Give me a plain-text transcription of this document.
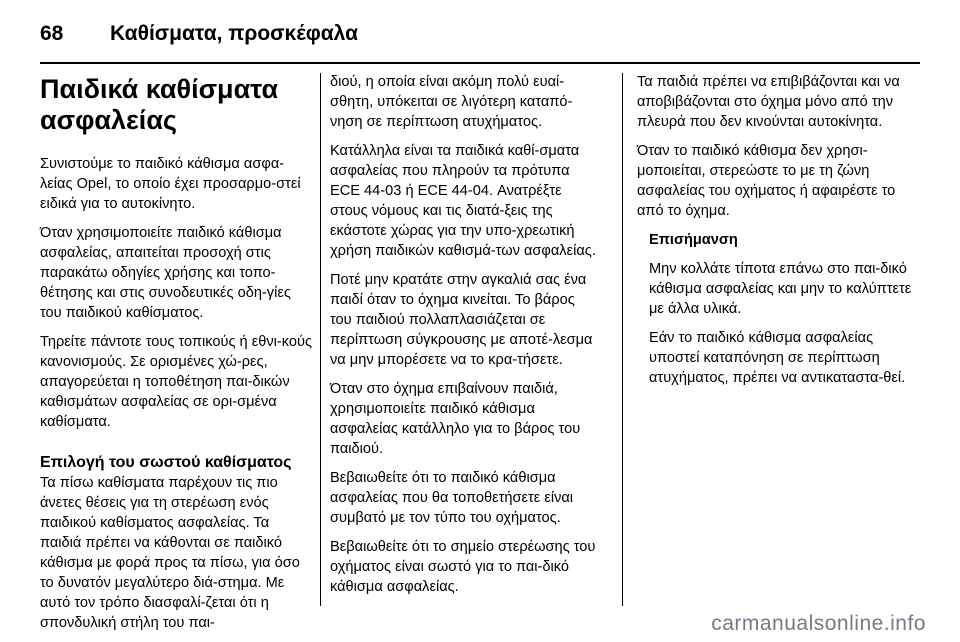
68	Καθίσματα, προσκέφαλα
Παιδικά καθίσματα ασφαλείας

Συνιστούμε το παιδικό κάθισμα ασφα-λείας Opel, το οποίο έχει προσαρμο-στεί ειδικά για το αυτοκίνητο.

Όταν χρησιμοποιείτε παιδικό κάθισμα ασφαλείας, απαιτείται προσοχή στις παρακάτω οδηγίες χρήσης και τοπο-θέτησης και στις συνοδευτικές οδη-γίες του παιδικού καθίσματος.

Τηρείτε πάντοτε τους τοπικούς ή εθνι-κούς κανονισμούς. Σε ορισμένες χώ-ρες, απαγορεύεται η τοποθέτηση παι-δικών καθισμάτων ασφαλείας σε ορι-σμένα καθίσματα.

Επιλογή του σωστού καθίσματος

Τα πίσω καθίσματα παρέχουν τις πιο άνετες θέσεις για τη στερέωση ενός παιδικού καθίσματος ασφαλείας. Τα παιδιά πρέπει να κάθονται σε παιδικό κάθισμα με φορά προς τα πίσω, για όσο το δυνατόν μεγαλύτερο διά-στημα. Με αυτό τον τρόπο διασφαλί-ζεται ότι η σπονδυλική στήλη του παι-

διού, η οποία είναι ακόμη πολύ ευαί-σθητη, υπόκειται σε λιγότερη καταπό-νηση σε περίπτωση ατυχήματος.

Κατάλληλα είναι τα παιδικά καθί-σματα ασφαλείας που πληρούν τα πρότυπα ECE 44-03 ή ECE 44-04. Ανατρέξτε στους νόμους και τις διατά-ξεις της εκάστοτε χώρας για την υπο-χρεωτική χρήση παιδικών καθισμά-των ασφαλείας.

Ποτέ μην κρατάτε στην αγκαλιά σας ένα παιδί όταν το όχημα κινείται. Το βάρος του παιδιού πολλαπλασιάζεται σε περίπτωση σύγκρουσης με αποτέ-λεσμα να μην μπορέσετε να το κρα-τήσετε.

Όταν στο όχημα επιβαίνουν παιδιά, χρησιμοποιείτε παιδικό κάθισμα ασφαλείας κατάλληλο για το βάρος του παιδιού.

Βεβαιωθείτε ότι το παιδικό κάθισμα ασφαλείας που θα τοποθετήσετε είναι συμβατό με τον τύπο του οχήματος.

Βεβαιωθείτε ότι το σημείο στερέωσης του οχήματος είναι σωστό για το παι-δικό κάθισμα ασφαλείας.

Τα παιδιά πρέπει να επιβιβάζονται και να αποβιβάζονται στο όχημα μόνο από την πλευρά που δεν κινούνται αυτοκίνητα.

Όταν το παιδικό κάθισμα δεν χρησι-μοποιείται, στερεώστε το με τη ζώνη ασφαλείας του οχήματος ή αφαιρέστε το από το όχημα.

Επισήμανση

Μην κολλάτε τίποτα επάνω στο παι-δικό κάθισμα ασφαλείας και μην το καλύπτετε με άλλα υλικά.

Εάν το παιδικό κάθισμα ασφαλείας υποστεί καταπόνηση σε περίπτωση ατυχήματος, πρέπει να αντικαταστα-θεί.

carmanualsonline.info
